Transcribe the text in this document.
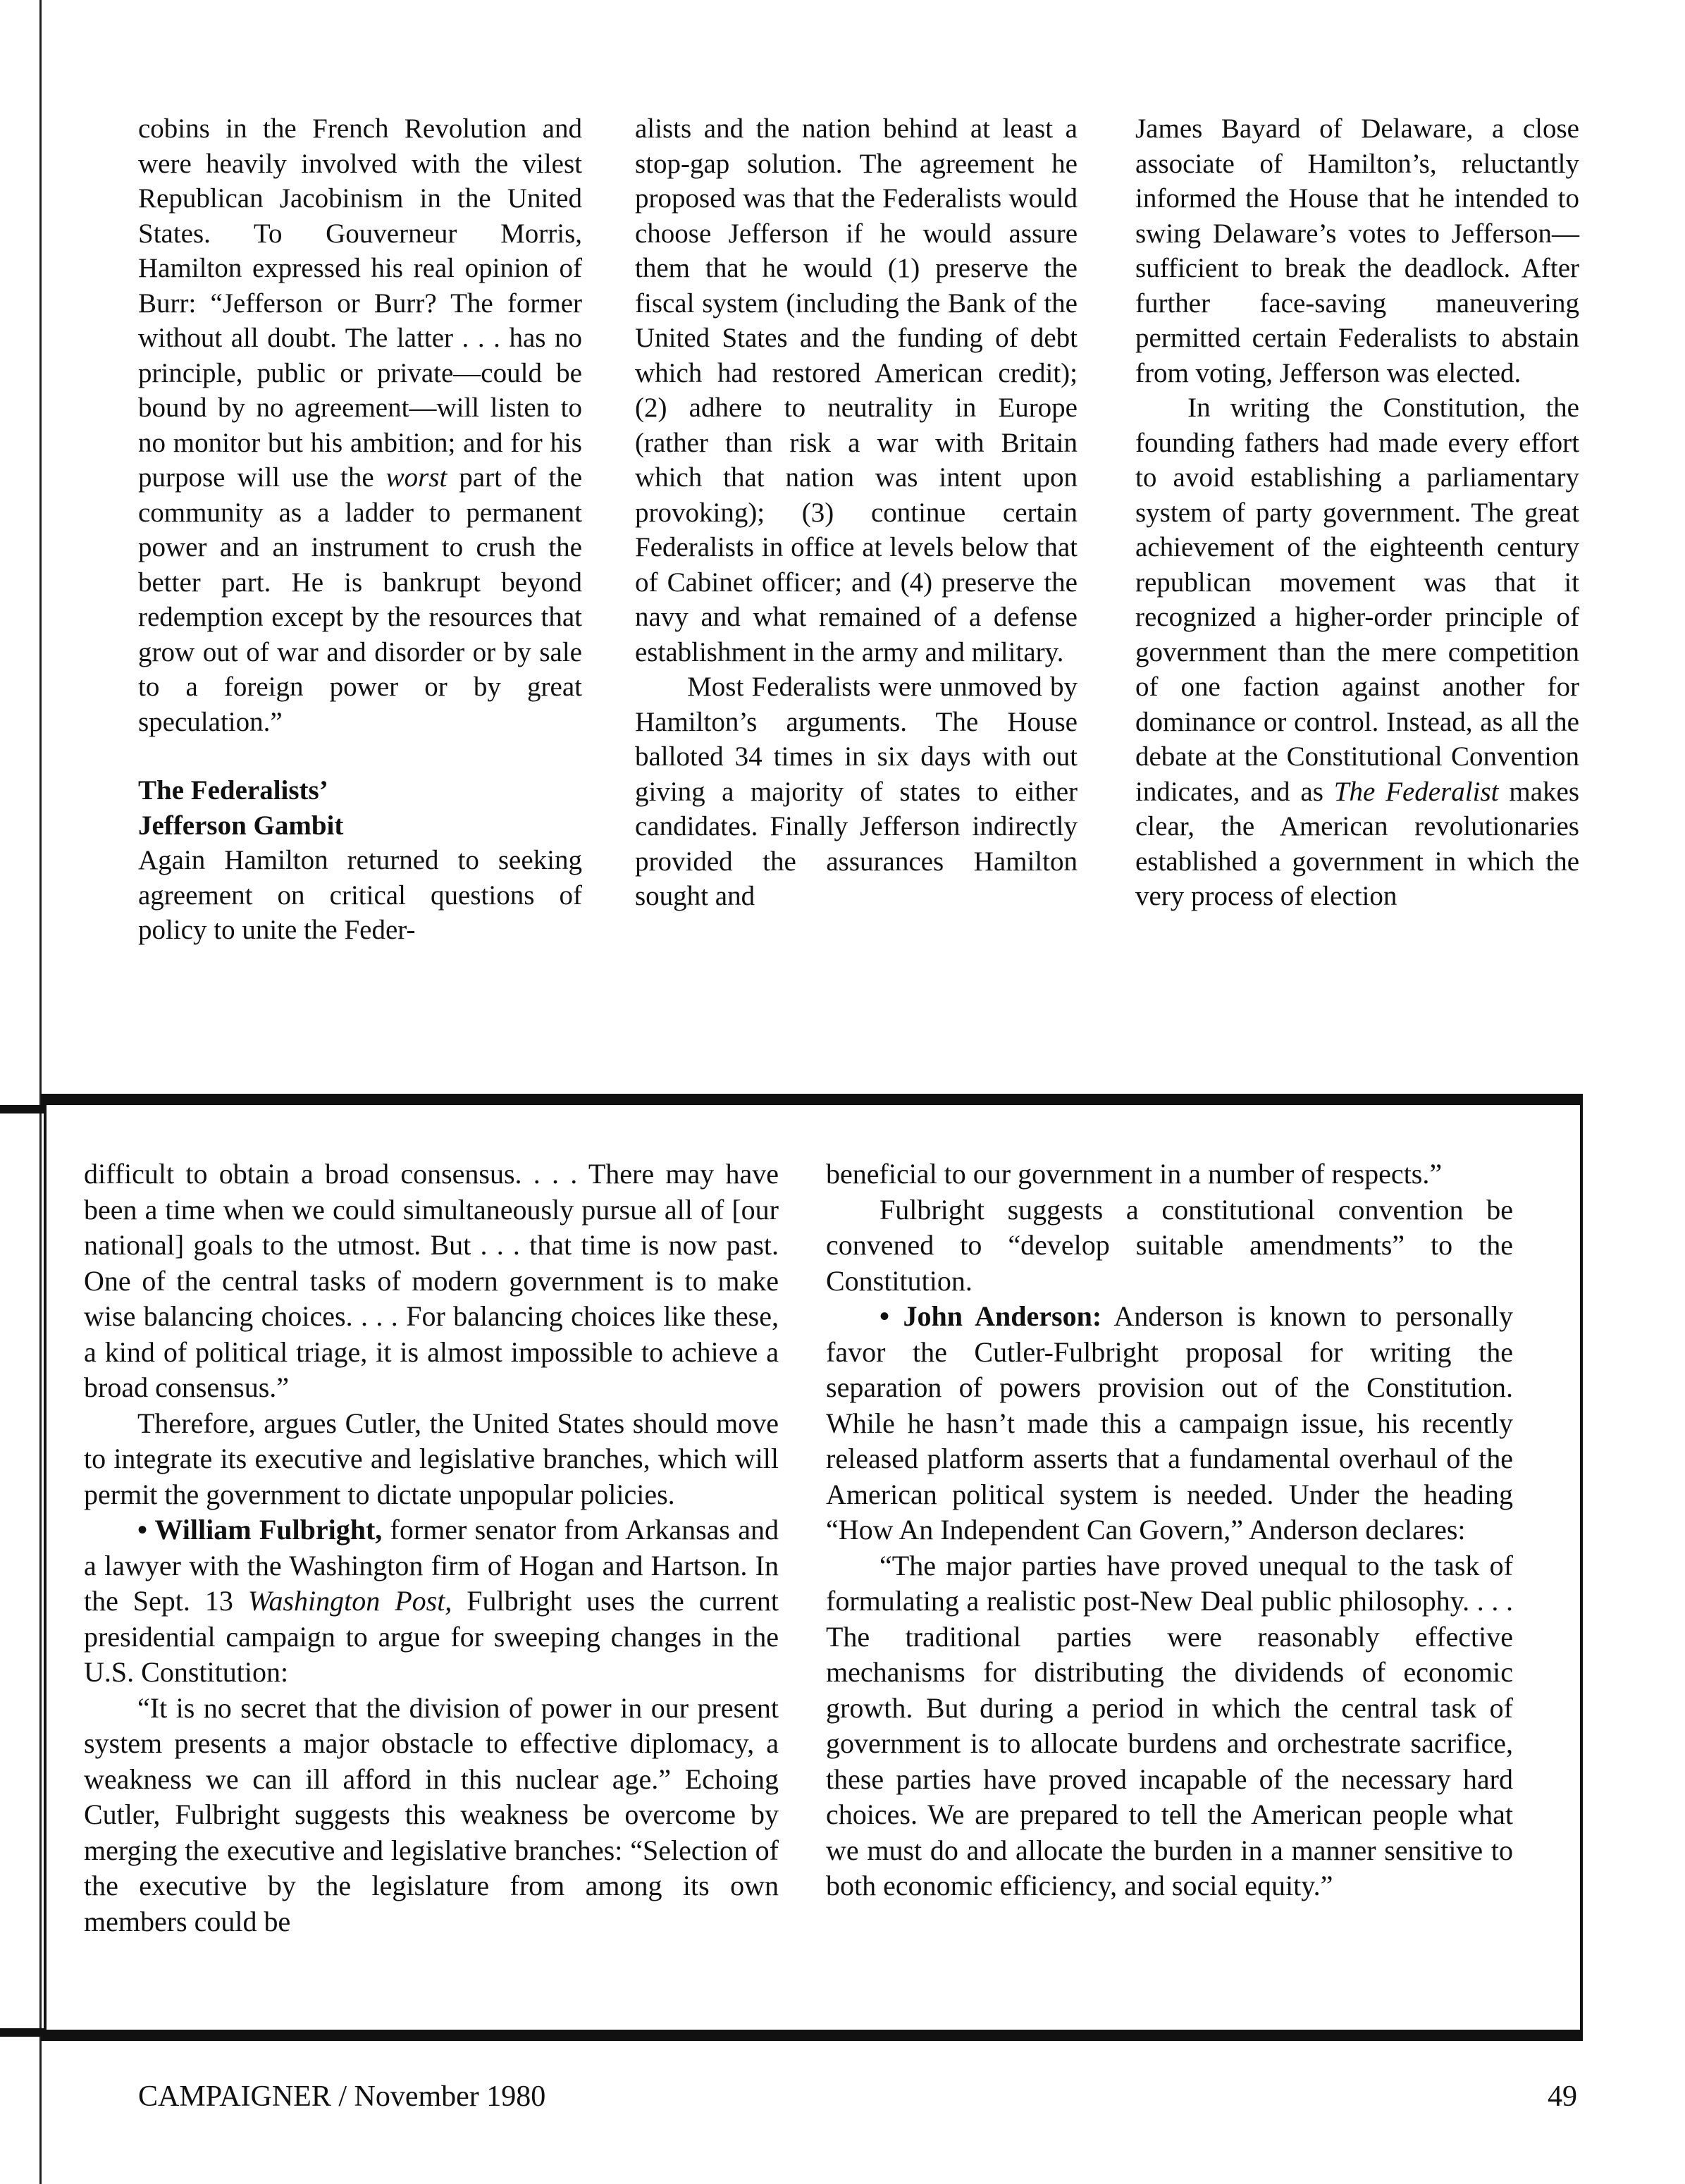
cobins in the French Revolution and were heavily involved with the vilest Republican Jacobinism in the United States. To Gouverneur Morris, Hamilton expressed his real opinion of Burr: “Jefferson or Burr? The former without all doubt. The latter . . . has no principle, public or private—could be bound by no agreement—will listen to no monitor but his ambition; and for his purpose will use the worst part of the community as a ladder to permanent power and an instrument to crush the better part. He is bankrupt beyond redemption except by the resources that grow out of war and disorder or by sale to a foreign power or by great speculation.”

The Federalists’
Jefferson Gambit

Again Hamilton returned to seeking agreement on critical questions of policy to unite the Feder-

alists and the nation behind at least a stop-gap solution. The agreement he proposed was that the Federalists would choose Jefferson if he would assure them that he would (1) preserve the fiscal system (including the Bank of the United States and the funding of debt which had restored American credit); (2) adhere to neutrality in Europe (rather than risk a war with Britain which that nation was intent upon provoking); (3) continue certain Federalists in office at levels below that of Cabinet officer; and (4) preserve the navy and what remained of a defense establishment in the army and military.

Most Federalists were unmoved by Hamilton’s arguments. The House balloted 34 times in six days with out giving a majority of states to either candidates. Finally Jefferson indirectly provided the assurances Hamilton sought and

James Bayard of Delaware, a close associate of Hamilton’s, reluctantly informed the House that he intended to swing Delaware’s votes to Jefferson—sufficient to break the deadlock. After further face-saving maneuvering permitted certain Federalists to abstain from voting, Jefferson was elected.

In writing the Constitution, the founding fathers had made every effort to avoid establishing a parliamentary system of party government. The great achievement of the eighteenth century republican movement was that it recognized a higher-order principle of government than the mere competition of one faction against another for dominance or control. Instead, as all the debate at the Constitutional Convention indicates, and as The Federalist makes clear, the American revolutionaries established a government in which the very process of election

difficult to obtain a broad consensus. . . . There may have been a time when we could simultaneously pursue all of [our national] goals to the utmost. But . . . that time is now past. One of the central tasks of modern government is to make wise balancing choices. . . . For balancing choices like these, a kind of political triage, it is almost impossible to achieve a broad consensus.”

Therefore, argues Cutler, the United States should move to integrate its executive and legislative branches, which will permit the government to dictate unpopular policies.

• William Fulbright, former senator from Arkansas and a lawyer with the Washington firm of Hogan and Hartson. In the Sept. 13 Washington Post, Fulbright uses the current presidential campaign to argue for sweeping changes in the U.S. Constitution:

“It is no secret that the division of power in our present system presents a major obstacle to effective diplomacy, a weakness we can ill afford in this nuclear age.” Echoing Cutler, Fulbright suggests this weakness be overcome by merging the executive and legislative branches: “Selection of the executive by the legislature from among its own members could be

beneficial to our government in a number of respects.”

Fulbright suggests a constitutional convention be convened to “develop suitable amendments” to the Constitution.

• John Anderson: Anderson is known to personally favor the Cutler-Fulbright proposal for writing the separation of powers provision out of the Constitution. While he hasn’t made this a campaign issue, his recently released platform asserts that a fundamental overhaul of the American political system is needed. Under the heading “How An Independent Can Govern,” Anderson declares:

“The major parties have proved unequal to the task of formulating a realistic post-New Deal public philosophy. . . . The traditional parties were reasonably effective mechanisms for distributing the dividends of economic growth. But during a period in which the central task of government is to allocate burdens and orchestrate sacrifice, these parties have proved incapable of the necessary hard choices. We are prepared to tell the American people what we must do and allocate the burden in a manner sensitive to both economic efficiency, and social equity.”

CAMPAIGNER / November 1980	49
